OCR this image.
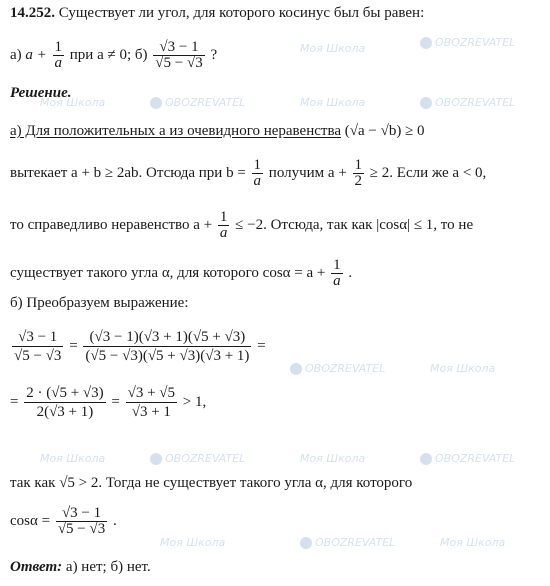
14.252. Существует ли угол, для которого косинус был бы равен:
а) $a + \frac{1}{a}$ при a ≠ 0; $б) \frac{√3 - 1}{√5 - √3}$ ?
Решение.
а) Для положительных a из очевидного неравенства (√a − √b) ≥ 0
вытекает a + b ≥ 2ab. Отсюда при $b = \frac{1}{a}$ получим $a + \frac{1}{2} \ge 2$. Если же a < 0,
то справедливо неравенство $a + \frac{1}{a} \le -2$. Отсюда, так как |cosα| ≤ 1, то не
существует такого угла α, для которого $\cos\alpha = a + \frac{1}{a}$ .
б) Преобразуем выражение:
$\frac{√3 - 1}{√5 - √3} = \frac{(√3 - 1)(√3 + 1)(√5 + √3)}{(√5 - √3)(√5 + √3)(√3 + 1)}$ =
= $\frac{2 \cdot (√5 + √3)}{2(√3 + 1)} = \frac{√3 + √5}{√3 + 1} > 1$,
так как √5 > 2. Тогда не существует такого угла α, для которого
$\cos\alpha = \frac{√3 - 1}{√5 - √3}$ .
Ответ: а) нет; б) нет.
Моя Школа	OBOZREVATEL
Моя Школа	OBOZREVATEL	Моя Школа	OBOZREVATEL
OBOZREVATEL	Моя Школа
Моя Школа	OBOZREVATEL	Моя Школа	OBOZREVATEL
Моя Школа	OBOZREVATEL	Моя Школа
